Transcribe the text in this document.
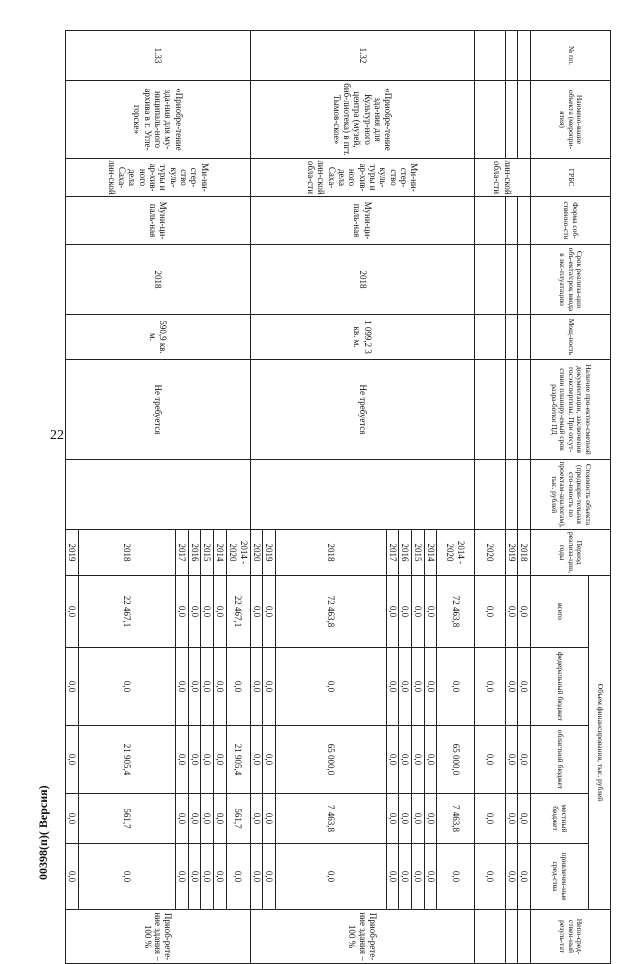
22
00398(п)( Версия)
№ пп.	Наимено-вание объекта (меропри-ятия)	ГРБС	Форма соб-ственно-сти	Срок реализа-ции объ-екта/срок ввода в экс-плуатацию	Мощ-ность	Наличие про-ектно-сметной документации, заключения госэкспертизы. При отсут-ствии планиру-емый срок разра-ботки ПД	Стоимость объекта (предвари-тельная сто-имость по проектам-аналогам), тыс. рублей	Период реализа-ции, годы	Объем финансирования, тыс. рублей					Непо-сред-ствен-ный резуль-тат
									всего	федеральный бюджет	областной бюджет	местный бюджет	привлечен-ные сред-ства	
		лин-ской обла-сти						2018	0,0	0,0	0,0	0,0	0,0	
								2019	0,0	0,0	0,0	0,0	0,0	
								2020	0,0	0,0	0,0	0,0	0,0	
1.32	«Приобре-тение зда-ния для Культур-ного центра (музей, биб-лиотека) в пгт. Тымов-ское»	Ми-ни-стер-ство куль-туры и ар-хив-ного дела Саха-лин-ской обла-сти	Муни-ци-паль-ная	2018	1 099,2 3 кв. м.	Не требуется		2014 - 2020	72 463,8	0,0	65 000,0	7 463,8	0,0	Приоб-рете-ние здания – 100 %
								2014	0,0	0,0	0,0	0,0	0,0	
								2015	0,0	0,0	0,0	0,0	0,0	
								2016	0,0	0,0	0,0	0,0	0,0	
								2017	0,0	0,0	0,0	0,0	0,0	
								2018	72 463,8	0,0	65 000,0	7 463,8	0,0	
								2019	0,0	0,0	0,0	0,0	0,0	
								2020	0,0	0,0	0,0	0,0	0,0	
1.33	«Приобре-тение зда-ния для му-ниципаль-ного архива в г. Угле-горске»	Ми-ни-стер-ство куль-туры и ар-хив-ного дела Саха-лин-ской	Муни-ци-паль-ная	2018	590,9 кв. м.	Не требуется		2014 - 2020	22 467,1	0,0	21 905,4	561,7	0,0	Приоб-рете-ние здания – 100 %
								2014	0,0	0,0	0,0	0,0	0,0	
								2015	0,0	0,0	0,0	0,0	0,0	
								2016	0,0	0,0	0,0	0,0	0,0	
								2017	0,0	0,0	0,0	0,0	0,0	
								2018	22 467,1	0,0	21 905,4	561,7	0,0	
								2019	0,0	0,0	0,0	0,0	0,0	
